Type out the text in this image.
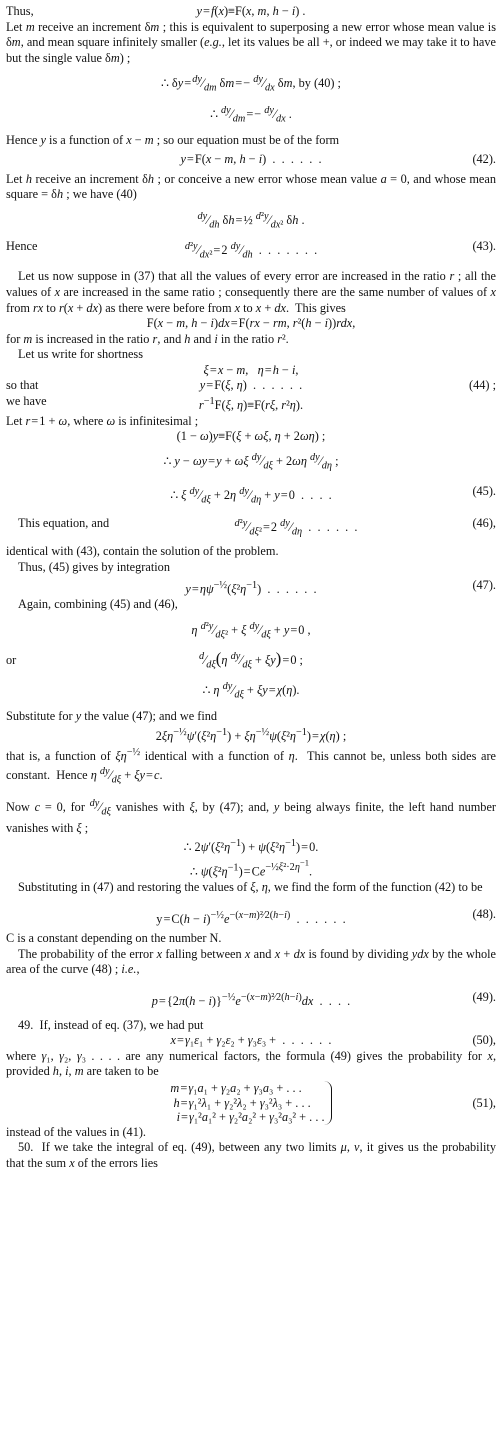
Thus,	y = f(x)≡F(x, m, h − i) .
Let m receive an increment δm ; this is equivalent to superposing a new error whose mean value is δm, and mean square infinitely smaller (e.g., let its values be all +, or indeed we may take it to have but the single value δm) ;
∴ δy = $^{dy}⁄_{dm}$ δm = − $^{dy}⁄_{dx}$ δm, by (40) ;
∴ $^{dy}⁄_{dm}$ = − $^{dy}⁄_{dx}$ .
Hence y is a function of x − m ; so our equation must be of the form
y = F(x − m, h − i)  .  .  .  .  .  .	(42).
Let h receive an increment δh ; or conceive a new error whose mean value a = 0, and whose mean square = δh ; we have (40)
$^{dy}⁄_{dh}$ δh = ½ $^{d^2y}⁄_{dx^2}$ δh .
Hence	$^{d^2y}⁄_{dx^2}$ = 2 $^{dy}⁄_{dh}$  .  .  .  .  .  .  .	(43).
Let us now suppose in (37) that all the values of every error are increased in the ratio r ; all the values of x are increased in the same ratio ; consequently there are the same number of values of x from rx to r(x + dx) as there were before from x to x + dx.  This gives
F(x − m, h − i)dx = F(rx − rm, r²(h − i))rdx,
for m is increased in the ratio r, and h and i in the ratio r².
Let us write for shortness
ξ = x − m,   η = h − i,
so that	y = F(ξ, η)  .  .  .  .  .  .	(44) ;
we have	$r^{-1}F(\xi$, η)≡F(rξ, r²η).
Let r = 1 + ω, where ω is infinitesimal ;
(1 − ω)y≡F(ξ + ωξ, η + 2ωη) ;
∴ y − ωy = y + ωξ $^{dy}⁄_{d\xi} + 2\omega\eta$ $^{dy}⁄_{d\eta}$ ;
∴ ξ $^{dy}⁄_{d\xi} + 2\eta$ $^{dy}⁄_{d\eta} + y$ = 0  .  .  .  .	(45).
This equation, and	$^{d^2y}⁄_{d\xi^2}$ = 2 $^{dy}⁄_{d\eta}$  .  .  .  .  .  .	(46),
identical with (43), contain the solution of the problem.
Thus, (45) gives by integration
y = $\eta\psi^{-\frac{1}{2}}(\xi^2\eta^{-1})$  .  .  .  .  .  .	(47).
Again, combining (45) and (46),
η $^{d^2y}⁄_{d\xi^2} + \xi$ $^{dy}⁄_{d\xi} + y$ = 0 ,
or	$^d⁄_{d\xi}(\eta$ $^{dy}⁄_{d\xi} + \xi y$) = 0 ;
∴ η $^{dy}⁄_{d\xi} + \xi y$ = χ(η).
Substitute for y the value (47); and we find
$2\xi\eta^{-\frac{1}{2}}\psi'(\xi^2\eta^{-1}) + \xi\eta^{-\frac{1}{2}}\psi(\xi^2\eta^{-1})$ = χ(η) ;
that is, a function of $\xi\eta^{-\frac{1}{2}}$ identical with a function of η.  This cannot be, unless both sides are constant.  Hence η $^{dy}⁄_{d\xi} + \xi y$ = c.
Now c = 0, for $^{dy}⁄_{d\xi}$ vanishes with ξ, by (47); and, y being always finite, the left hand number vanishes with ξ ;
∴ $2\psi'(\xi^2\eta^{-1}) + \psi(\xi^2\eta^{-1})$ = 0.
∴ $\psi(\xi^2\eta^{-1})$ = $Ce^{-\frac{1}{2}\xi^2\cdot 2\eta^{-1}}$.
Substituting in (47) and restoring the values of ξ, η, we find the form of the function (42) to be
y = $C(h - i)^{-\frac{1}{2}}e^{-(x-m)^2⁄2(h-i)}$  .  .  .  .  .  .	(48).
C is a constant depending on the number N.
The probability of the error x falling between x and x + dx is found by dividing ydx by the whole area of the curve (48) ; i.e.,
p = $\{2\pi(h - i)\}^{-\frac{1}{2}}e^{-(x-m)^2⁄2(h-i)}dx$  .  .  .  .	(49).
49.  If, instead of eq. (37), we had put
x = γ₁ε₁ + γ₂ε₂ + γ₃ε₃ +  .  .  .  .  .  .	(50),
where γ₁, γ₂, γ₃ . . . . are any numerical factors, the formula (49) gives the probability for x, provided h, i, m are taken to be
m = γ₁a₁ + γ₂a₂ + γ₃a₃ + . . .
h = γ₁²λ₁ + γ₂²λ₂ + γ₃²λ₃ + . . .
i = γ₁²a₁² + γ₂²a₂² + γ₃²a₃² + . . .
(51),
instead of the values in (41).
50.  If we take the integral of eq. (49), between any two limits μ, ν, it gives us the probability that the sum x of the errors lies
